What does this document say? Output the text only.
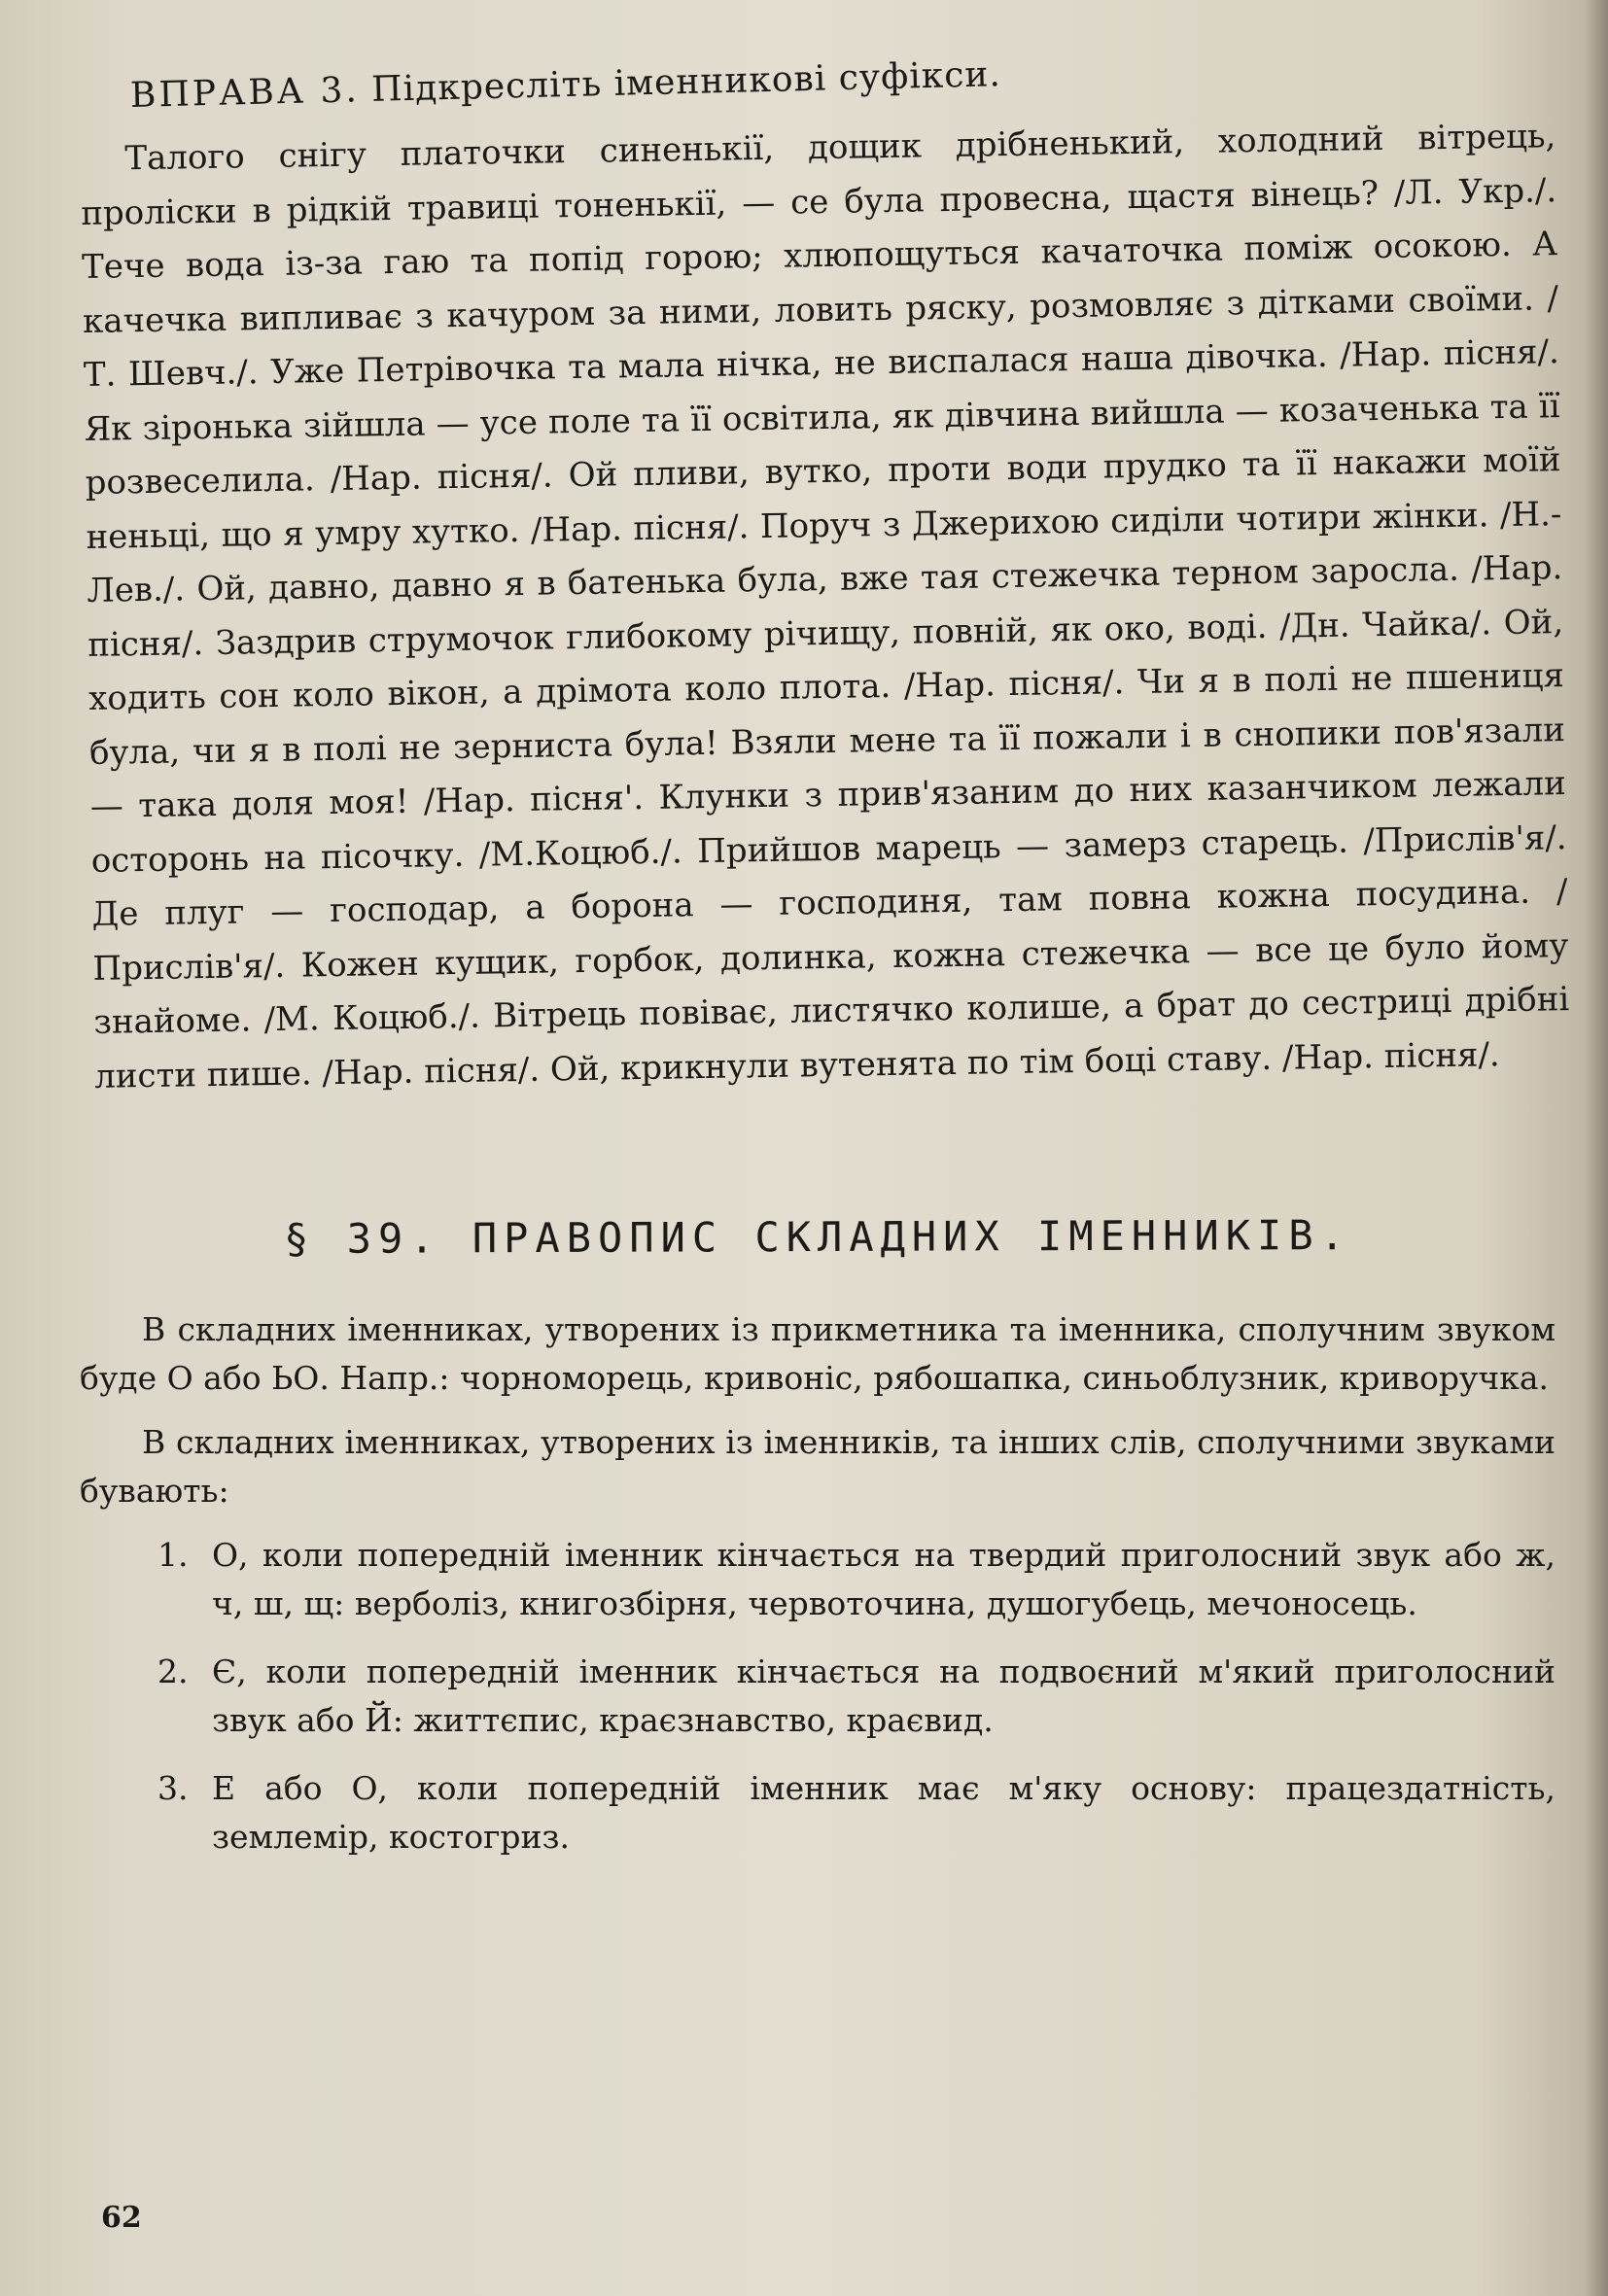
ВПРАВА 3. Підкресліть іменникові суфікси.
Талого снігу платочки синенькії, дощик дрібненький, холодний вітрець, проліски в рідкій травиці тоненькії, — се була провесна, щастя вінець? /Л. Укр./. Тече вода із-за гаю та попід горою; хлюпощуться качаточка поміж осокою. А качечка випливає з качуром за ними, ловить ряску, розмовляє з дітками своїми. /Т. Шевч./. Уже Петрівочка та мала нічка, не виспалася наша дівочка. /Нар. пісня/. Як зіронька зійшла — усе поле та її освітила, як дівчина вийшла — козаченька та її розвеселила. /Нар. пісня/. Ой пливи, вутко, проти води прудко та її накажи моїй неньці, що я умру хутко. /Нар. пісня/. Поруч з Джерихою сиділи чотири жінки. /Н.-Лев./. Ой, давно, давно я в батенька була, вже тая стежечка терном заросла. /Нар. пісня/. Заздрив струмочок глибокому річищу, повній, як око, воді. /Дн. Чайка/. Ой, ходить сон коло вікон, а дрімота коло плота. /Нар. пісня/. Чи я в полі не пшениця була, чи я в полі не зерниста була! Взяли мене та її пожали і в снопики пов'язали — така доля моя! /Нар. пісня'. Клунки з прив'язаним до них казанчиком лежали осторонь на пісочку. /М.Коцюб./. Прийшов марець — замерз старець. /Прислів'я/. Де плуг — господар, а борона — господиня, там повна кожна посудина. /Прислів'я/. Кожен кущик, горбок, долинка, кожна стежечка — все це було йому знайоме. /М. Коцюб./. Вітрець повіває, листячко колише, а брат до сестриці дрібні листи пише. /Нар. пісня/. Ой, крикнули вутенята по тім боці ставу. /Нар. пісня/.
§ 39. ПРАВОПИС СКЛАДНИХ ІМЕННИКІВ.

В складних іменниках, утворених із прикметника та іменника, сполучним звуком буде О або ЬО. Напр.: чорноморець, кривоніс, рябошапка, синьоблузник, криворучка.

В складних іменниках, утворених із іменників, та інших слів, сполучними звуками бувають:

1. О, коли попередній іменник кінчається на твердий приголосний звук або ж, ч, ш, щ: верболіз, книгозбірня, червоточина, душогубець, мечоносець.
2. Є, коли попередній іменник кінчається на подвоєний м'який приголосний звук або Й: життєпис, краєзнавство, краєвид.
3. Е або О, коли попередній іменник має м'яку основу: працездатність, землемір, костогриз.
62
